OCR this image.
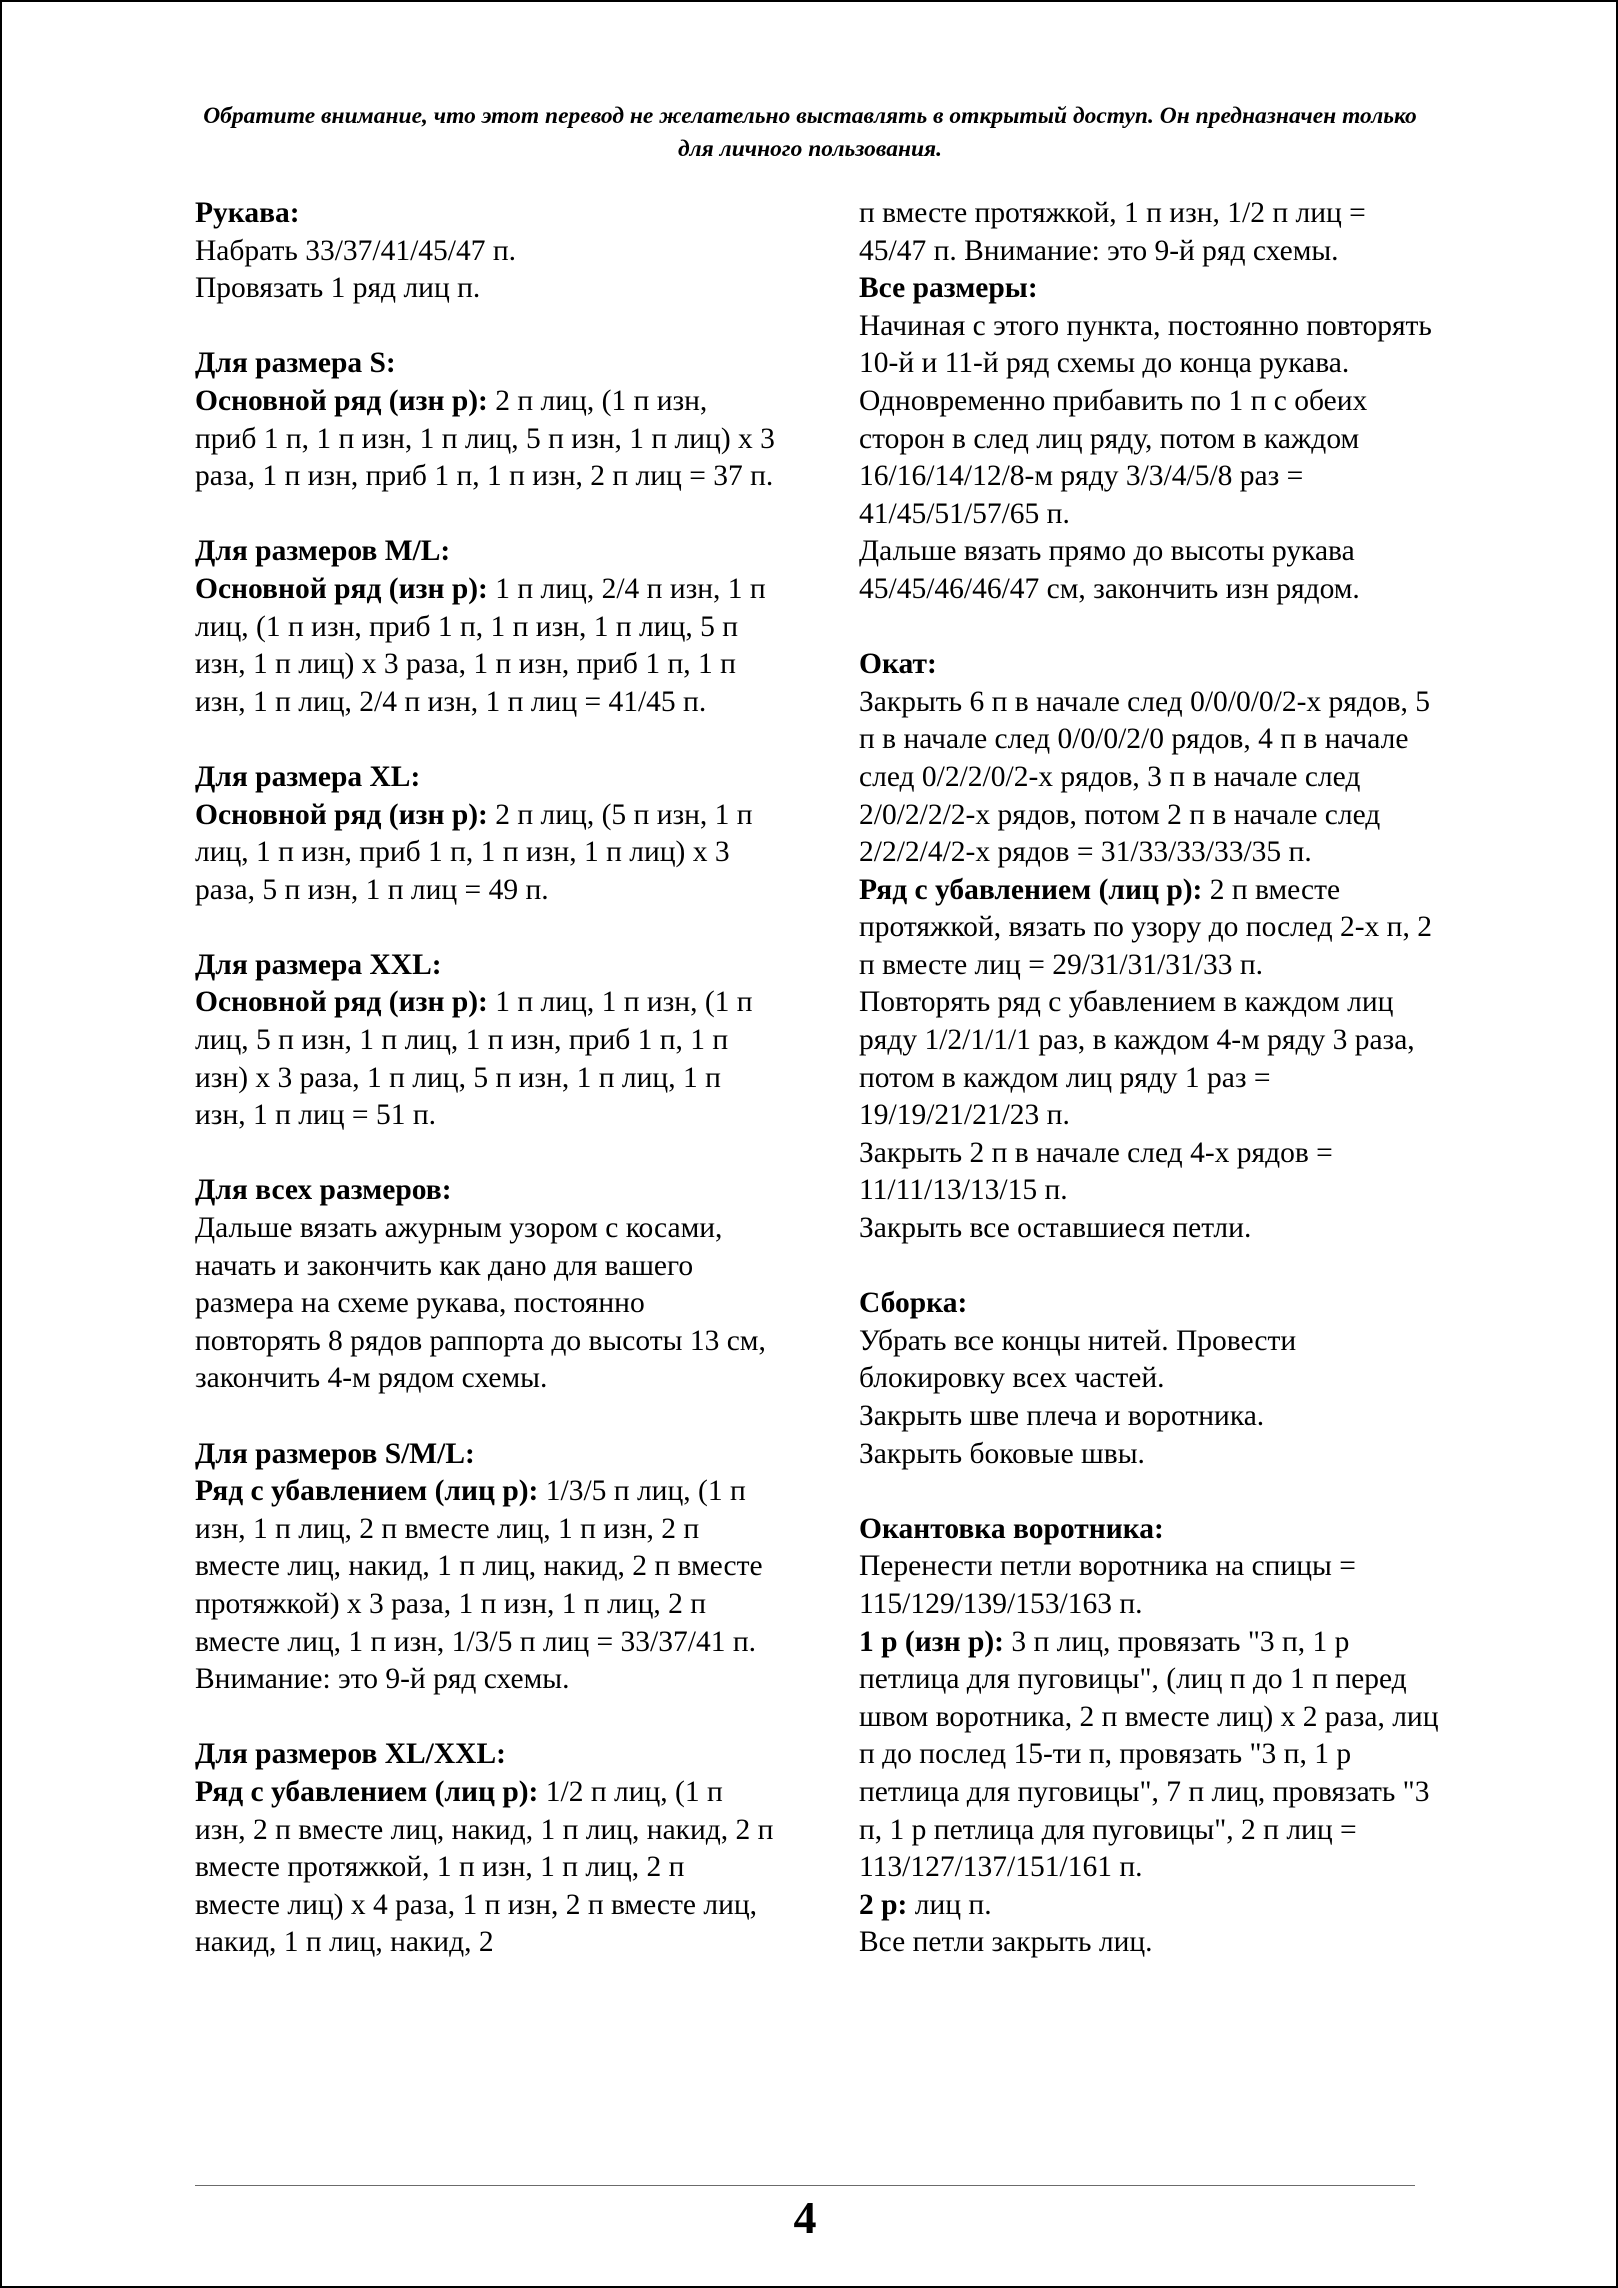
Обратите внимание, что этот перевод не желательно выставлять в открытый доступ. Он предназначен только для личного пользования.

Рукава:

Набрать 33/37/41/45/47 п.

Провязать 1 ряд лиц п.

Для размера S:

Основной ряд (изн р): 2 п лиц, (1 п изн, приб 1 п, 1 п изн, 1 п лиц, 5 п изн, 1 п лиц) x 3 раза, 1 п изн, приб 1 п, 1 п изн, 2 п лиц = 37 п.

Для размеров M/L:

Основной ряд (изн р): 1 п лиц, 2/4 п изн, 1 п лиц, (1 п изн, приб 1 п, 1 п изн, 1 п лиц, 5 п изн, 1 п лиц) x 3 раза, 1 п изн, приб 1 п, 1 п изн, 1 п лиц, 2/4 п изн, 1 п лиц = 41/45 п.

Для размера XL:

Основной ряд (изн р): 2 п лиц, (5 п изн, 1 п лиц, 1 п изн, приб 1 п, 1 п изн, 1 п лиц) x 3 раза, 5 п изн, 1 п лиц = 49 п.

Для размера XXL:

Основной ряд (изн р): 1 п лиц, 1 п изн, (1 п лиц, 5 п изн, 1 п лиц, 1 п изн, приб 1 п, 1 п изн) x 3 раза, 1 п лиц, 5 п изн, 1 п лиц, 1 п изн, 1 п лиц = 51 п.

Для всех размеров:

Дальше вязать ажурным узором с косами, начать и закончить как дано для вашего размера на схеме рукава, постоянно повторять 8 рядов раппорта до высоты 13 см, закончить 4-м рядом схемы.

Для размеров S/M/L:

Ряд с убавлением (лиц р): 1/3/5 п лиц, (1 п изн, 1 п лиц, 2 п вместе лиц, 1 п изн, 2 п вместе лиц, накид, 1 п лиц, накид, 2 п вместе протяжкой) x 3 раза, 1 п изн, 1 п лиц, 2 п вместе лиц, 1 п изн, 1/3/5 п лиц = 33/37/41 п. Внимание: это 9-й ряд схемы.

Для размеров XL/XXL:

Ряд с убавлением (лиц р): 1/2 п лиц, (1 п изн, 2 п вместе лиц, накид, 1 п лиц, накид, 2 п вместе протяжкой, 1 п изн, 1 п лиц, 2 п вместе лиц) x 4 раза, 1 п изн, 2 п вместе лиц, накид, 1 п лиц, накид, 2

п вместе протяжкой, 1 п изн, 1/2 п лиц = 45/47 п. Внимание: это 9-й ряд схемы.

Все размеры:

Начиная с этого пункта, постоянно повторять 10-й и 11-й ряд схемы до конца рукава.

Одновременно прибавить по 1 п с обеих сторон в след лиц ряду, потом в каждом 16/16/14/12/8-м ряду 3/3/4/5/8 раз = 41/45/51/57/65 п.

Дальше вязать прямо до высоты рукава 45/45/46/46/47 см, закончить изн рядом.

Окат:

Закрыть 6 п в начале след 0/0/0/0/2-х рядов, 5 п в начале след 0/0/0/2/0 рядов, 4 п в начале след 0/2/2/0/2-х рядов, 3 п в начале след 2/0/2/2/2-х рядов, потом 2 п в начале след 2/2/2/4/2-х рядов = 31/33/33/33/35 п.

Ряд с убавлением (лиц р): 2 п вместе протяжкой, вязать по узору до послед 2-х п, 2 п вместе лиц = 29/31/31/31/33 п.

Повторять ряд с убавлением в каждом лиц ряду 1/2/1/1/1 раз, в каждом 4-м ряду 3 раза, потом в каждом лиц ряду 1 раз = 19/19/21/21/23 п.

Закрыть 2 п в начале след 4-х рядов = 11/11/13/13/15 п.

Закрыть все оставшиеся петли.

Сборка:

Убрать все концы нитей. Провести блокировку всех частей.

Закрыть шве плеча и воротника.

Закрыть боковые швы.

Окантовка воротника:

Перенести петли воротника на спицы = 115/129/139/153/163 п.

1 р (изн р): 3 п лиц, провязать "3 п, 1 р петлица для пуговицы", (лиц п до 1 п перед швом воротника, 2 п вместе лиц) x 2 раза, лиц п до послед 15-ти п, провязать "3 п, 1 р петлица для пуговицы", 7 п лиц, провязать "3 п, 1 р петлица для пуговицы", 2 п лиц = 113/127/137/151/161 п.

2 р: лиц п.

Все петли закрыть лиц.

4
